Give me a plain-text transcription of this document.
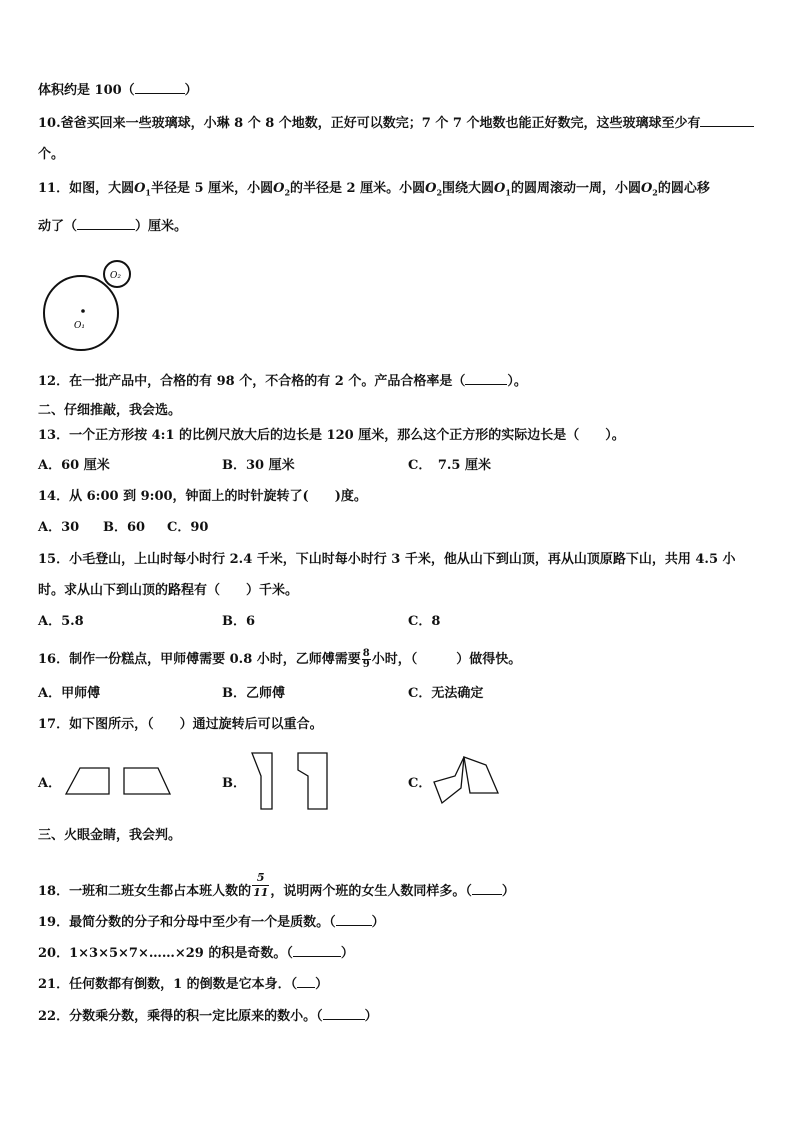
体积约是 100（	）
10.爸爸买回来一些玻璃球，小琳 8 个 8 个地数，正好可以数完；7 个 7 个地数也能正好数完，这些玻璃球至少有
个。
11．如图，大圆$O_1$半径是 5 厘米，小圆$O_2$的半径是 2 厘米。小圆$O_2$围绕大圆$O_1$的圆周滚动一周，小圆$O_2$的圆心移
动了（	）厘米。
O₁
O₂
12．在一批产品中，合格的有 98 个，不合格的有 2 个。产品合格率是（	）。
二、仔细推敲，我会选。
13．一个正方形按 4:1 的比例尺放大后的边长是 120 厘米，那么这个正方形的实际边长是（　　）。
A．60 厘米	B．30 厘米	C．　7.5 厘米
14．从 6:00 到 9:00，钟面上的时针旋转了(　　)度。
A．30 B．60 C．90
15．小毛登山，上山时每小时行 2.4 千米，下山时每小时行 3 千米，他从山下到山顶，再从山顶原路下山，共用 4.5 小
时。求从山下到山顶的路程有（　　）千米。
A．5.8	B．6	C．8
16．制作一份糕点，甲师傅需要 0.8 小时，乙师傅需要 $\frac{8}{9}$ 小时，（　　　）做得快。
A．甲师傅	B．乙师傅	C．无法确定
17．如下图所示，（　　）通过旋转后可以重合。
A．	B．	C．
三、火眼金睛，我会判。
18．一班和二班女生都占本班人数的 $\frac{5}{11}$ ，说明两个班的女生人数同样多。（ ）
19．最简分数的分子和分母中至少有一个是质数。（	）
20．1×3×5×7×……×29 的积是奇数。（	）
21．任何数都有倒数，1 的倒数是它本身．（ ）
22．分数乘分数，乘得的积一定比原来的数小。（	）
